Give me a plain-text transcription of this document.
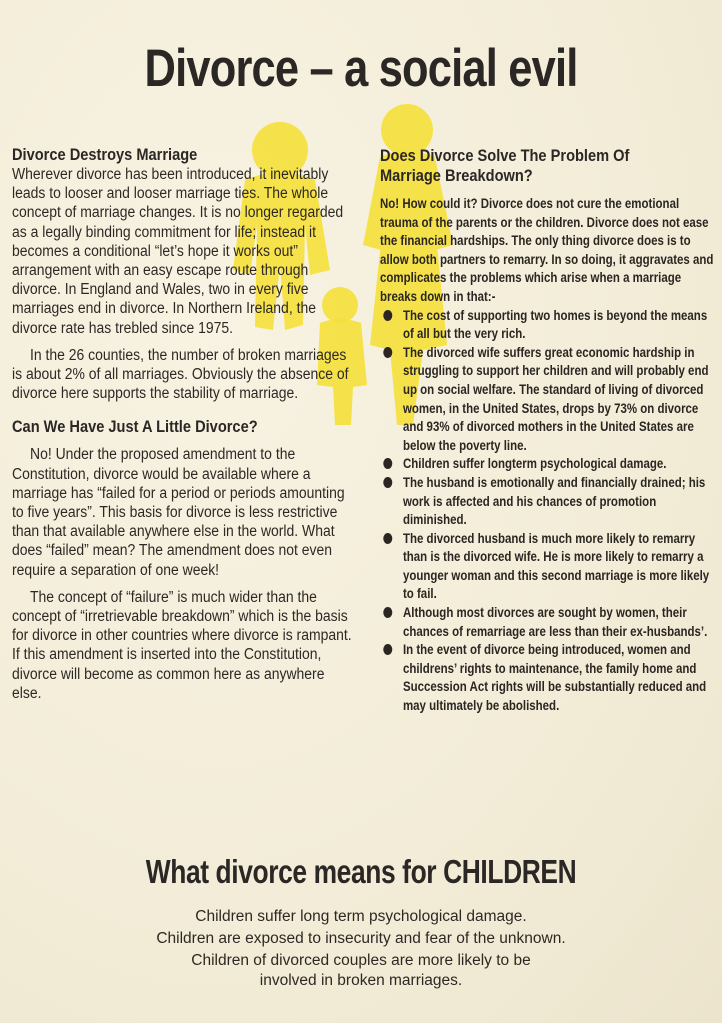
Divorce – a social evil
Divorce Destroys Marriage

Wherever divorce has been introduced, it inevitably leads to looser and looser marriage ties. The whole concept of marriage changes. It is no longer regarded as a legally binding commitment for life; instead it becomes a conditional “let’s hope it works out” arrangement with an easy escape route through divorce. In England and Wales, two in every five marriages end in divorce. In Northern Ireland, the divorce rate has trebled since 1975.

In the 26 counties, the number of broken marriages is about 2% of all marriages. Obviously the absence of divorce here supports the stability of marriage.

Can We Have Just A Little Divorce?

No! Under the proposed amendment to the Constitution, divorce would be available where a marriage has “failed for a period or periods amounting to five years”. This basis for divorce is less restrictive than that available anywhere else in the world. What does “failed” mean? The amendment does not even require a separation of one week!

The concept of “failure” is much wider than the concept of “irretrievable breakdown” which is the basis for divorce in other countries where divorce is rampant. If this amendment is inserted into the Constitution, divorce will become as common here as anywhere else.

Does Divorce Solve The Problem Of
Marriage Breakdown?

No! How could it? Divorce does not cure the emotional trauma of the parents or the children. Divorce does not ease the financial hardships. The only thing divorce does is to allow both partners to remarry. In so doing, it aggravates and complicates the problems which arise when a marriage breaks down in that:-

The cost of supporting two homes is beyond the means of all but the very rich.
The divorced wife suffers great economic hardship in struggling to support her children and will probably end up on social welfare. The standard of living of divorced women, in the United States, drops by 73% on divorce and 93% of divorced mothers in the United States are below the poverty line.
Children suffer longterm psychological damage.
The husband is emotionally and financially drained; his work is affected and his chances of promotion diminished.
The divorced husband is much more likely to remarry than is the divorced wife. He is more likely to remarry a younger woman and this second marriage is more likely to fail.
Although most divorces are sought by women, their chances of remarriage are less than their ex-husbands’.
In the event of divorce being introduced, women and childrens’ rights to maintenance, the family home and Succession Act rights will be substantially reduced and may ultimately be abolished.
What divorce means for CHILDREN

Children suffer long term psychological damage.

Children are exposed to insecurity and fear of the unknown.

Children of divorced couples are more likely to be

involved in broken marriages.
